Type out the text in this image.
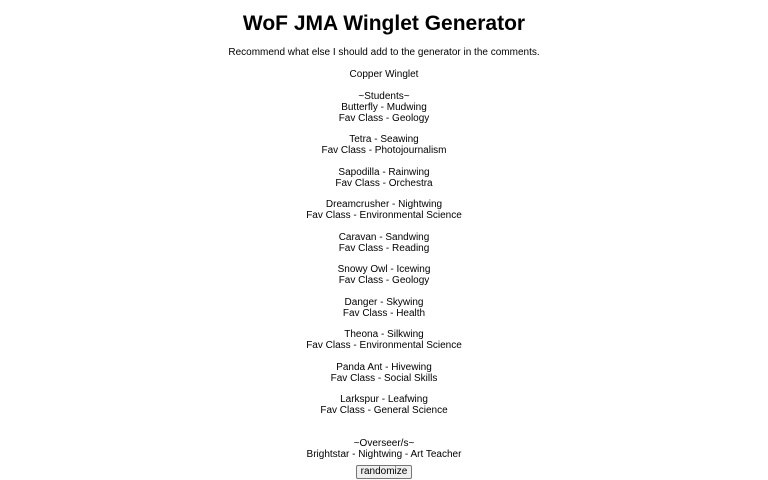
WoF JMA Winglet Generator
Recommend what else I should add to the generator in the comments.
Copper Winglet
~Students~
Butterfly - Mudwing
Fav Class - Geology
Tetra - Seawing
Fav Class - Photojournalism
Sapodilla - Rainwing
Fav Class - Orchestra
Dreamcrusher - Nightwing
Fav Class - Environmental Science
Caravan - Sandwing
Fav Class - Reading
Snowy Owl - Icewing
Fav Class - Geology
Danger - Skywing
Fav Class - Health
Theona - Silkwing
Fav Class - Environmental Science
Panda Ant - Hivewing
Fav Class - Social Skills
Larkspur - Leafwing
Fav Class - General Science
~Overseer/s~
Brightstar - Nightwing - Art Teacher
randomize
